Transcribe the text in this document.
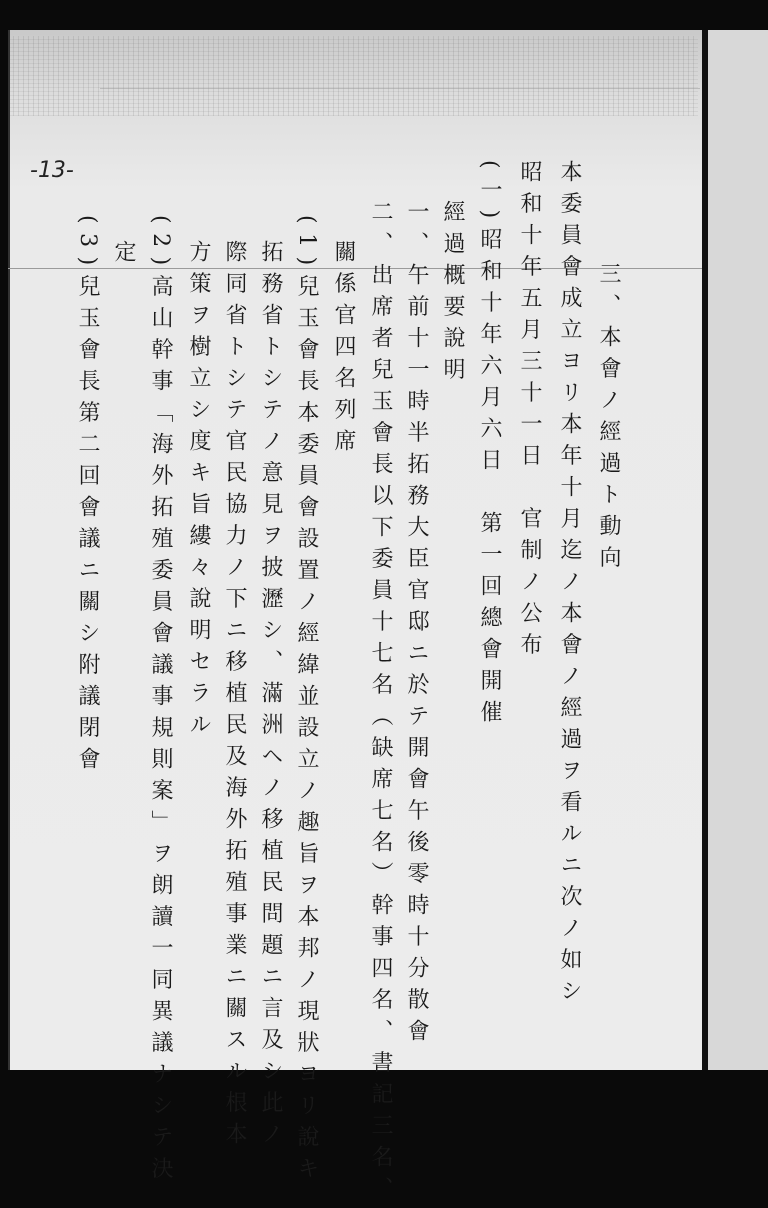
-13-
三、本會ノ經過ト動向
本委員會成立ヨリ本年十月迄ノ本會ノ經過ヲ看ルニ次ノ如シ
昭和十年五月三十一日　官制ノ公布
(一)昭和十年六月六日　第一回總會開催
經過概要說明
一、午前十一時半拓務大臣官邸ニ於テ開會午後零時十分散會
二、出席者兒玉會長以下委員十七名（缺席七名）幹事四名、書記三名、
關係官四名列席
(1)兒玉會長本委員會設置ノ經緯並設立ノ趣旨ヲ本邦ノ現狀ヨリ說キ
拓務省トシテノ意見ヲ披瀝シ、滿洲ヘノ移植民問題ニ言及シ此ノ
際同省トシテ官民協力ノ下ニ移植民及海外拓殖事業ニ關スル根本
方策ヲ樹立シ度キ旨縷々說明セラル
(2)高山幹事「海外拓殖委員會議事規則案」ヲ朗讀一同異議ナシテ決
定
(3)兒玉會長第二回會議ニ關シ附議閉會
